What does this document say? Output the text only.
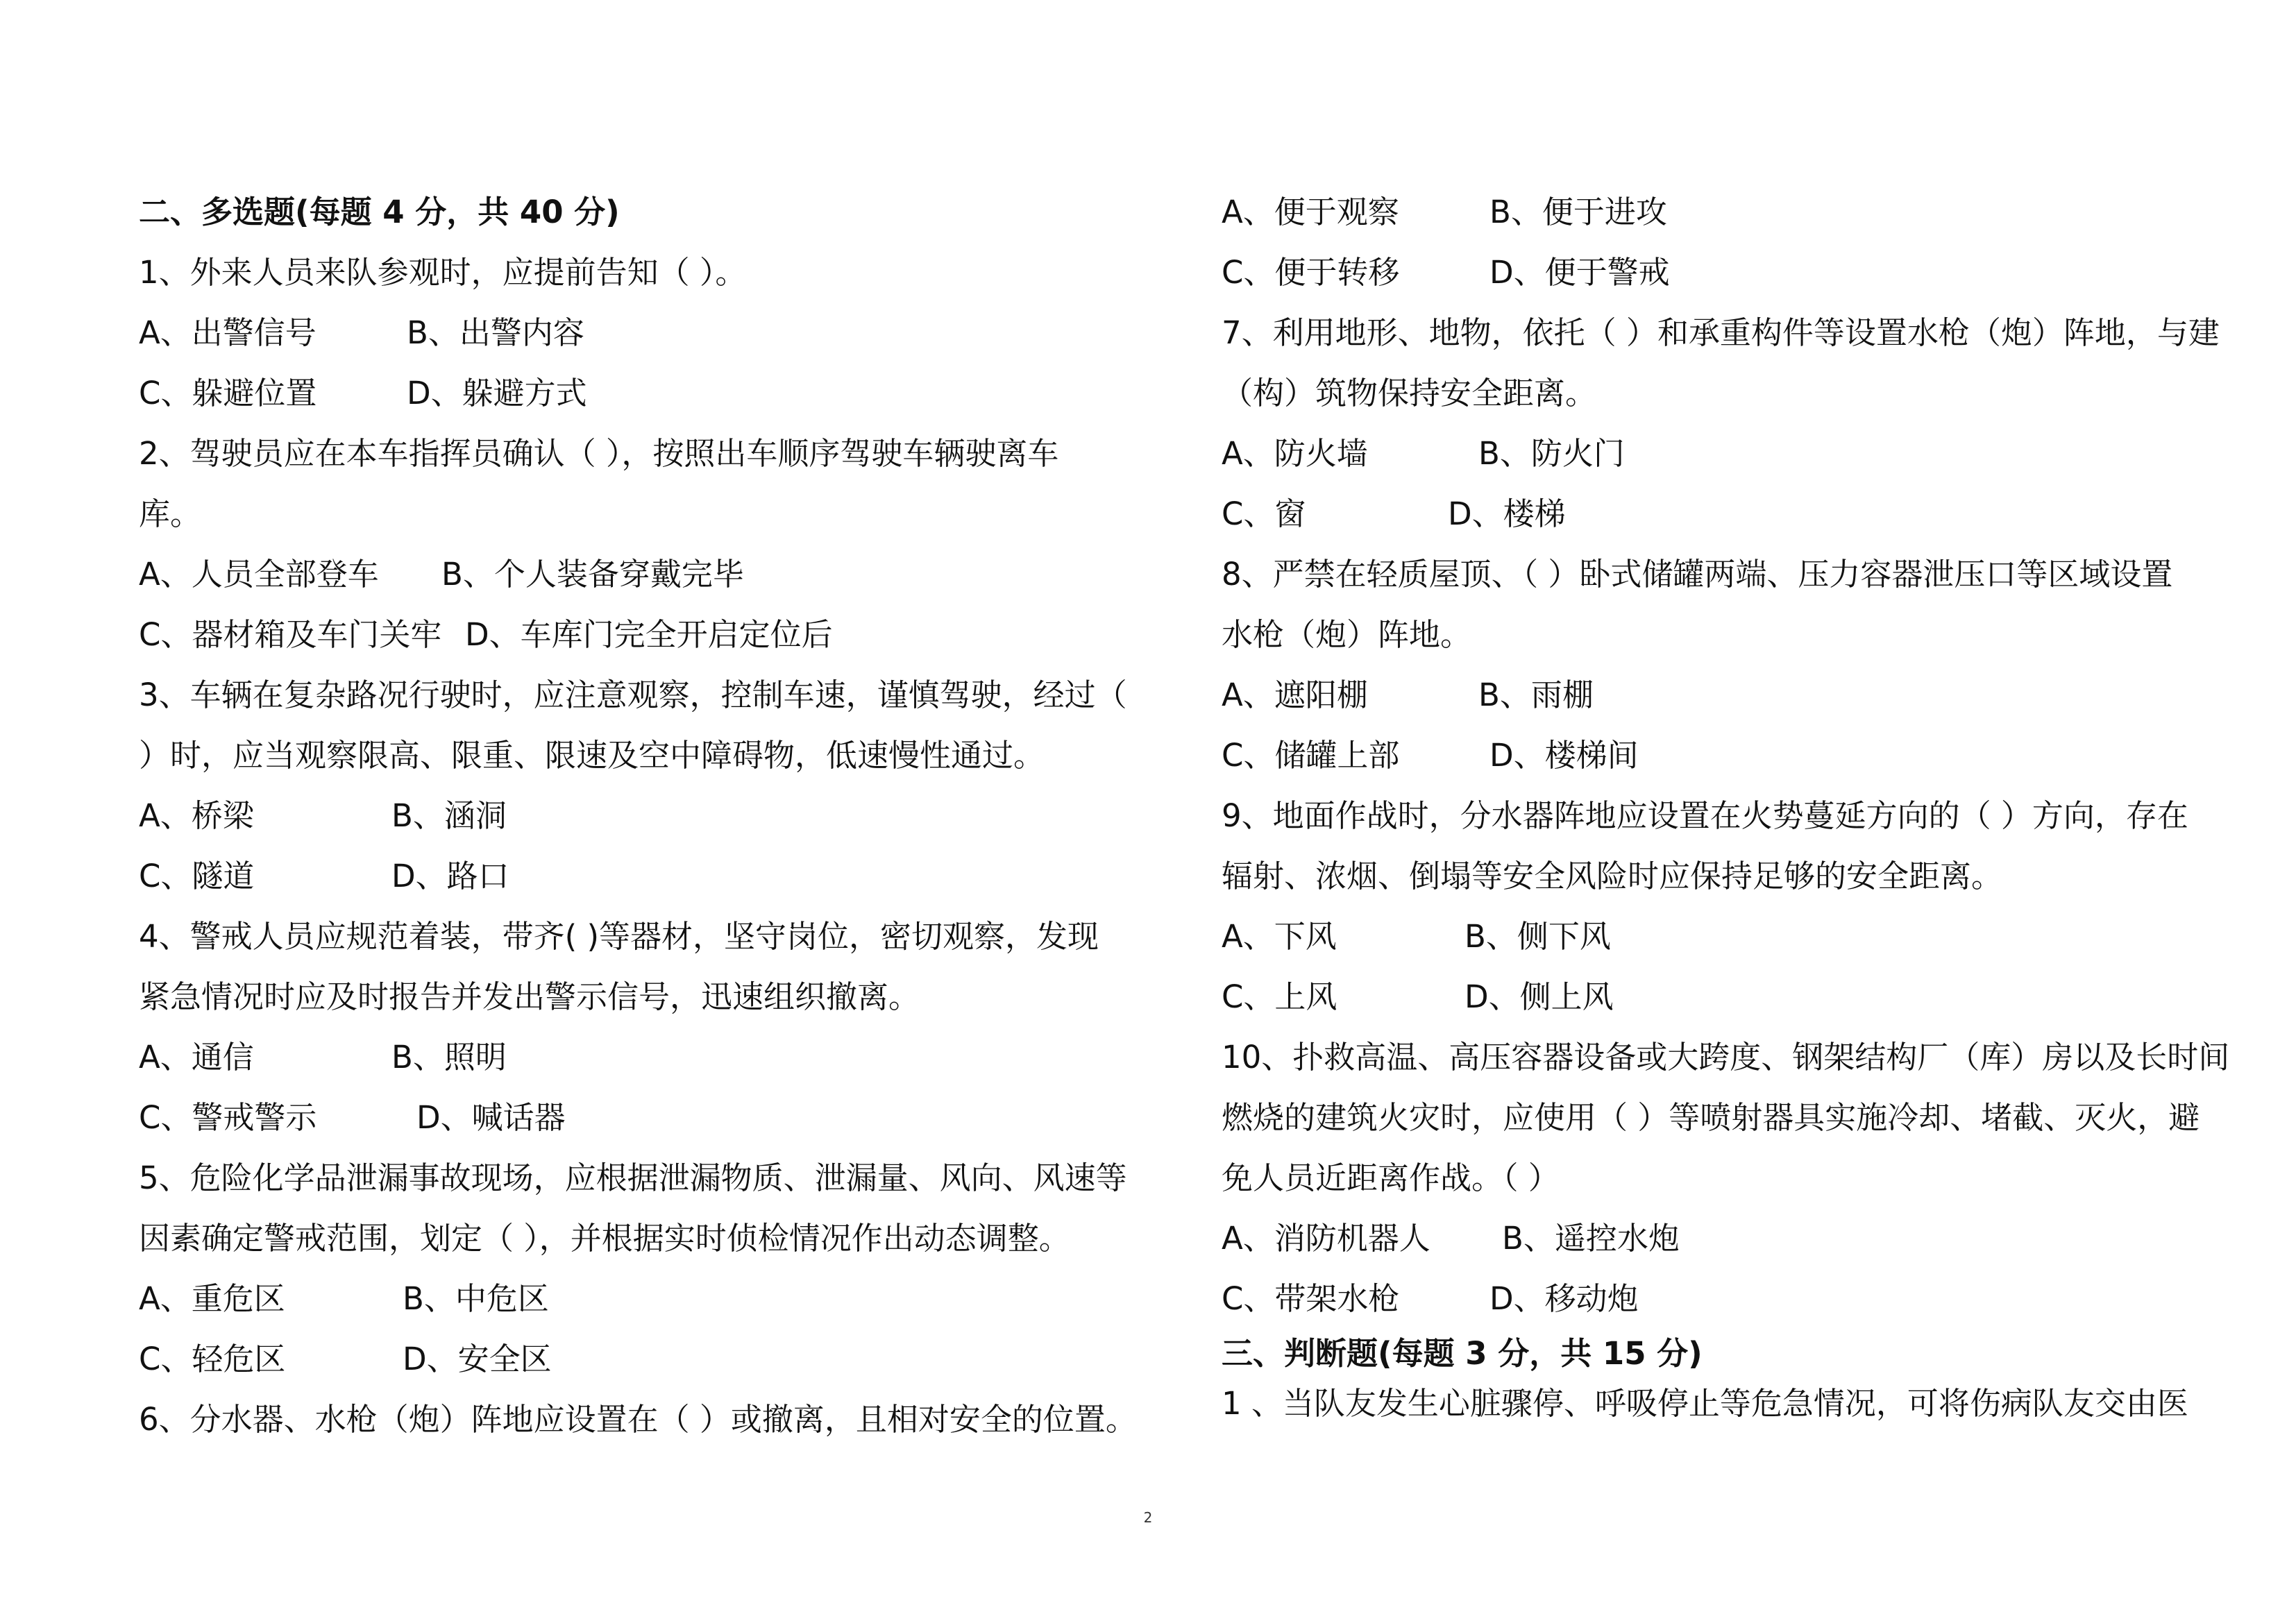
二、多选题(每题 4 分，共 40 分)
1、外来人员来队参观时，应提前告知（ ）。
A、出警信号	B、出警内容
C、躲避位置	D、躲避方式
2、驾驶员应在本车指挥员确认（ ），按照出车顺序驾驶车辆驶离车
库。
A、人员全部登车 B、个人装备穿戴完毕
C、器材箱及车门关牢 D、车库门完全开启定位后
3、车辆在复杂路况行驶时，应注意观察，控制车速，谨慎驾驶，经过（
）时，应当观察限高、限重、限速及空中障碍物，低速慢性通过。
A、桥梁	B、涵洞
C、隧道	D、路口
4、警戒人员应规范着装，带齐( )等器材，坚守岗位，密切观察，发现
紧急情况时应及时报告并发出警示信号，迅速组织撤离。
A、通信	B、照明
C、警戒警示	D、喊话器
5、危险化学品泄漏事故现场，应根据泄漏物质、泄漏量、风向、风速等
因素确定警戒范围，划定（ ），并根据实时侦检情况作出动态调整。
A、重危区	B、中危区
C、轻危区	D、安全区
6、分水器、水枪（炮）阵地应设置在（ ）或撤离，且相对安全的位置。
A、便于观察	B、便于进攻
C、便于转移	D、便于警戒
7、利用地形、地物，依托（ ）和承重构件等设置水枪（炮）阵地，与建
（构）筑物保持安全距离。
A、防火墙	B、防火门
C、窗	D、楼梯
8、严禁在轻质屋顶、（ ）卧式储罐两端、压力容器泄压口等区域设置
水枪（炮）阵地。
A、遮阳棚	B、雨棚
C、储罐上部	D、楼梯间
9、地面作战时，分水器阵地应设置在火势蔓延方向的（ ）方向，存在
辐射、浓烟、倒塌等安全风险时应保持足够的安全距离。
A、下风	B、侧下风
C、上风	D、侧上风
10、扑救高温、高压容器设备或大跨度、钢架结构厂（库）房以及长时间
燃烧的建筑火灾时，应使用（ ）等喷射器具实施冷却、堵截、灭火，避
免人员近距离作战。（ ）
A、消防机器人 B、遥控水炮
C、带架水枪	D、移动炮
三、判断题(每题 3 分，共 15 分)
1 、当队友发生心脏骤停、呼吸停止等危急情况，可将伤病队友交由医
2
